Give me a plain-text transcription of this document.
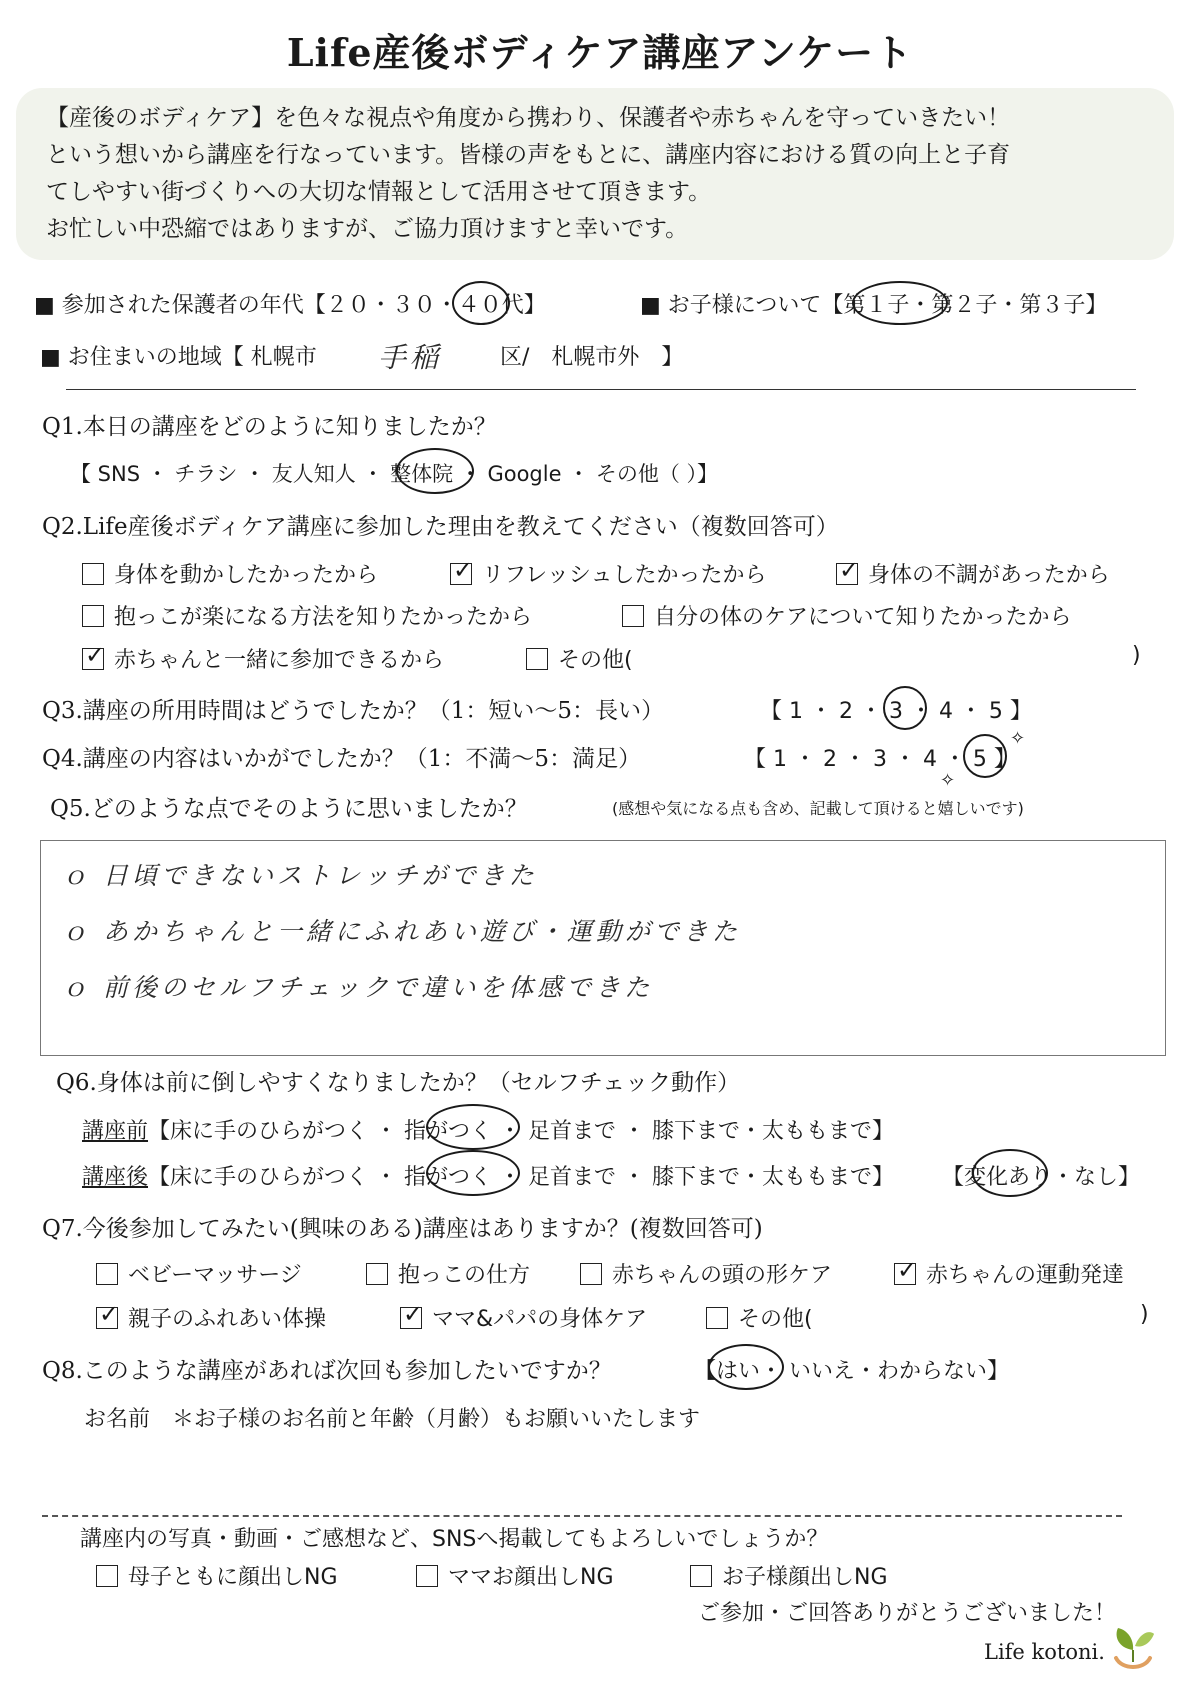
Life産後ボディケア講座アンケート
【産後のボディケア】を色々な視点や角度から携わり、保護者や赤ちゃんを守っていきたい！
という想いから講座を行なっています。皆様の声をもとに、講座内容における質の向上と子育
てしやすい街づくりへの大切な情報として活用させて頂きます。
お忙しい中恐縮ではありますが、ご協力頂けますと幸いです。
■ 参加された保護者の年代【２０・３０・４０代】	■ お子様について【第１子・第２子・第３子】
■ お住まいの地域【 札幌市 手稲	区/　札幌市外　】
Q1.本日の講座をどのように知りましたか？
【 SNS ・ チラシ ・ 友人知人 ・ 整体院 ・ Google ・ その他（ ）】
Q2.Life産後ボディケア講座に参加した理由を教えてください（複数回答可）
身体を動かしたかったから	✓ リフレッシュしたかったから	✓ 身体の不調があったから
抱っこが楽になる方法を知りたかったから	自分の体のケアについて知りたかったから
✓ 赤ちゃんと一緒に参加できるから	その他(	)
Q3.講座の所用時間はどうでしたか？（1：短い〜5：長い）	【 1 ・ 2 ・ 3 ・ 4 ・ 5 】
Q4.講座の内容はいかがでしたか？（1：不満〜5：満足）	【 1 ・ 2 ・ 3 ・ 4 ・ 5 】
✧
✧
Q5.どのような点でそのように思いましたか？	(感想や気になる点も含め、記載して頂けると嬉しいです)
ｏ 日頃できないストレッチができた
ｏ あかちゃんと一緒にふれあい遊び・運動ができた
ｏ 前後のセルフチェックで違いを体感できた
Q6.身体は前に倒しやすくなりましたか？（セルフチェック動作）
講座前【床に手のひらがつく ・ 指がつく ・ 足首まで ・ 膝下まで・太ももまで】
講座後【床に手のひらがつく ・ 指がつく ・ 足首まで ・ 膝下まで・太ももまで】 【変化あり・なし】
Q7.今後参加してみたい(興味のある)講座はありますか？(複数回答可)
ベビーマッサージ	抱っこの仕方	赤ちゃんの頭の形ケア	✓ 赤ちゃんの運動発達
✓ 親子のふれあい体操	✓ ママ&パパの身体ケア	その他(	)
Q8.このような講座があれば次回も参加したいですか？	【はい・ いいえ・わからない】
お名前　＊お子様のお名前と年齢（月齢）もお願いいたします
講座内の写真・動画・ご感想など、SNSへ掲載してもよろしいでしょうか？
母子ともに顔出しNG	ママお顔出しNG	お子様顔出しNG
ご参加・ご回答ありがとうございました！
Life kotoni.
